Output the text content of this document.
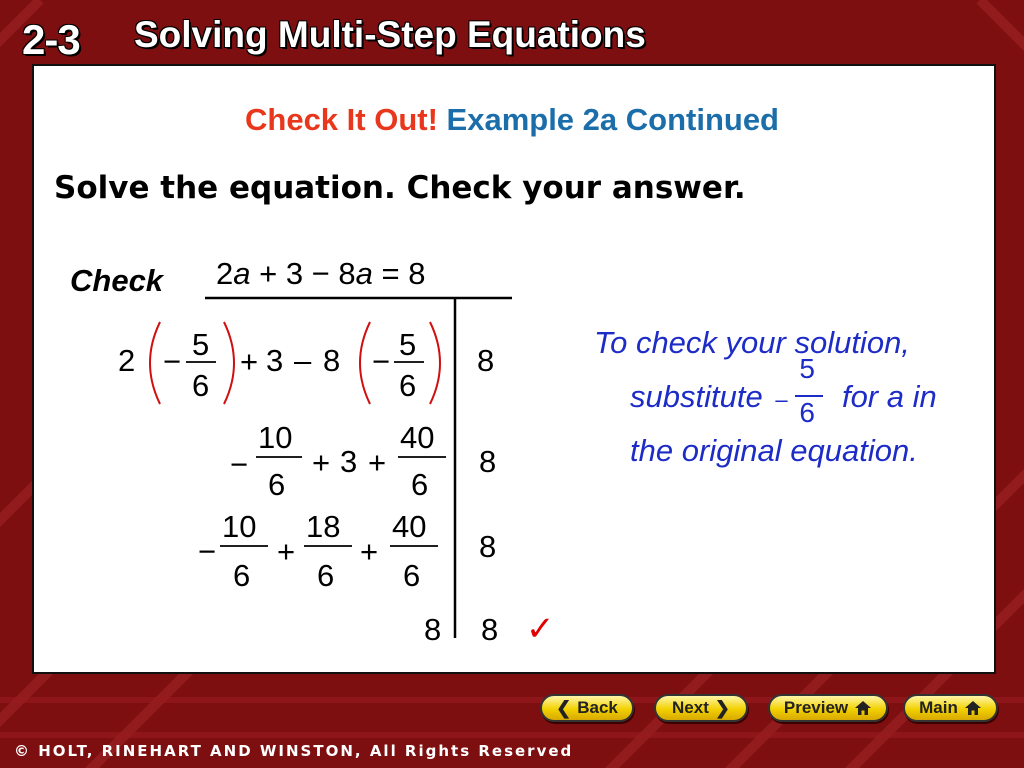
2-3 Solving Multi-Step Equations
Check It Out! Example 2a Continued
Solve the equation. Check your answer.
Check 2a + 3 − 8a = 8
2 − 5
6
+ 3 – 8 − 5
6
8
−
10
6
+ 3 +
40
6
8
−
10
6
+
18
6
+
40
6
8
8 8 ✓
To check your solution,
substitute –
5
6 for a in
the original equation.
❮ Back	Next ❯	Preview	Main
© HOLT, RINEHART AND WINSTON, All Rights Reserved
